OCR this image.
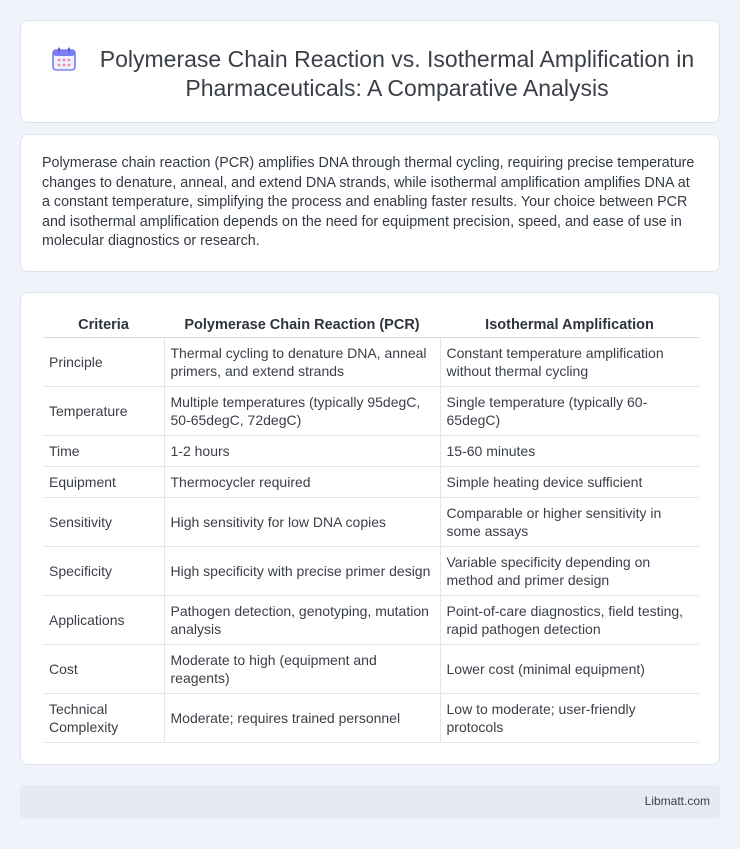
Polymerase Chain Reaction vs. Isothermal Amplification in Pharmaceuticals: A Comparative Analysis

Polymerase chain reaction (PCR) amplifies DNA through thermal cycling, requiring precise temperature changes to denature, anneal, and extend DNA strands, while isothermal amplification amplifies DNA at a constant temperature, simplifying the process and enabling faster results. Your choice between PCR and isothermal amplification depends on the need for equipment precision, speed, and ease of use in molecular diagnostics or research.

Criteria	Polymerase Chain Reaction (PCR)	Isothermal Amplification
Principle	Thermal cycling to denature DNA, anneal primers, and extend strands	Constant temperature amplification without thermal cycling
Temperature	Multiple temperatures (typically 95degC, 50-65degC, 72degC)	Single temperature (typically 60-65degC)
Time	1-2 hours	15-60 minutes
Equipment	Thermocycler required	Simple heating device sufficient
Sensitivity	High sensitivity for low DNA copies	Comparable or higher sensitivity in some assays
Specificity	High specificity with precise primer design	Variable specificity depending on method and primer design
Applications	Pathogen detection, genotyping, mutation analysis	Point-of-care diagnostics, field testing, rapid pathogen detection
Cost	Moderate to high (equipment and reagents)	Lower cost (minimal equipment)
Technical Complexity	Moderate; requires trained personnel	Low to moderate; user-friendly protocols
Libmatt.com
